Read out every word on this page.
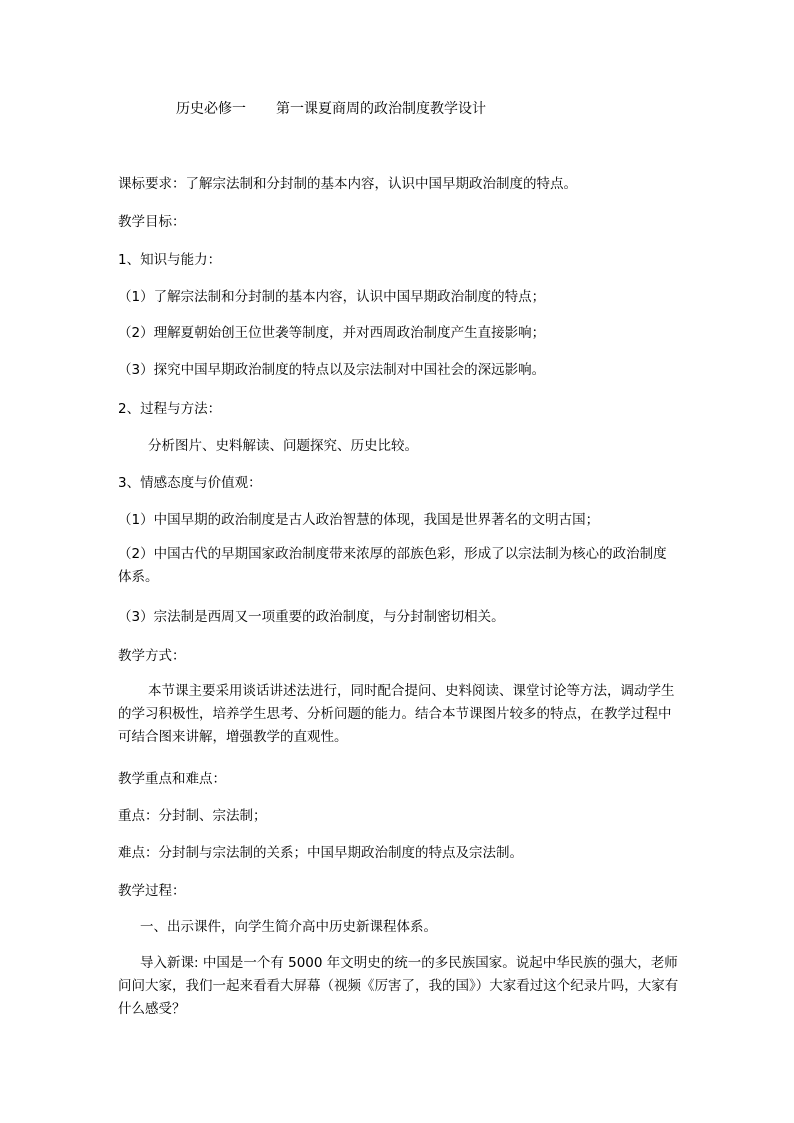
历史必修一 第一课夏商周的政治制度教学设计
课标要求：了解宗法制和分封制的基本内容，认识中国早期政治制度的特点。
教学目标：
1、知识与能力：
（1）了解宗法制和分封制的基本内容，认识中国早期政治制度的特点；
（2）理解夏朝始创王位世袭等制度，并对西周政治制度产生直接影响；
（3）探究中国早期政治制度的特点以及宗法制对中国社会的深远影响。
2、过程与方法：
分析图片、史料解读、问题探究、历史比较。
3、情感态度与价值观：
（1）中国早期的政治制度是古人政治智慧的体现，我国是世界著名的文明古国；
（2）中国古代的早期国家政治制度带来浓厚的部族色彩，形成了以宗法制为核心的政治制度体系。
（3）宗法制是西周又一项重要的政治制度，与分封制密切相关。
教学方式：
本节课主要采用谈话讲述法进行，同时配合提问、史料阅读、课堂讨论等方法，调动学生的学习积极性，培养学生思考、分析问题的能力。结合本节课图片较多的特点，在教学过程中可结合图来讲解，增强教学的直观性。
教学重点和难点：
重点：分封制、宗法制；
难点：分封制与宗法制的关系；中国早期政治制度的特点及宗法制。
教学过程：
一、出示课件，向学生简介高中历史新课程体系。
导入新课: 中国是一个有 5000 年文明史的统一的多民族国家。说起中华民族的强大，老师问问大家，我们一起来看看大屏幕（视频《厉害了，我的国》）大家看过这个纪录片吗，大家有什么感受？
